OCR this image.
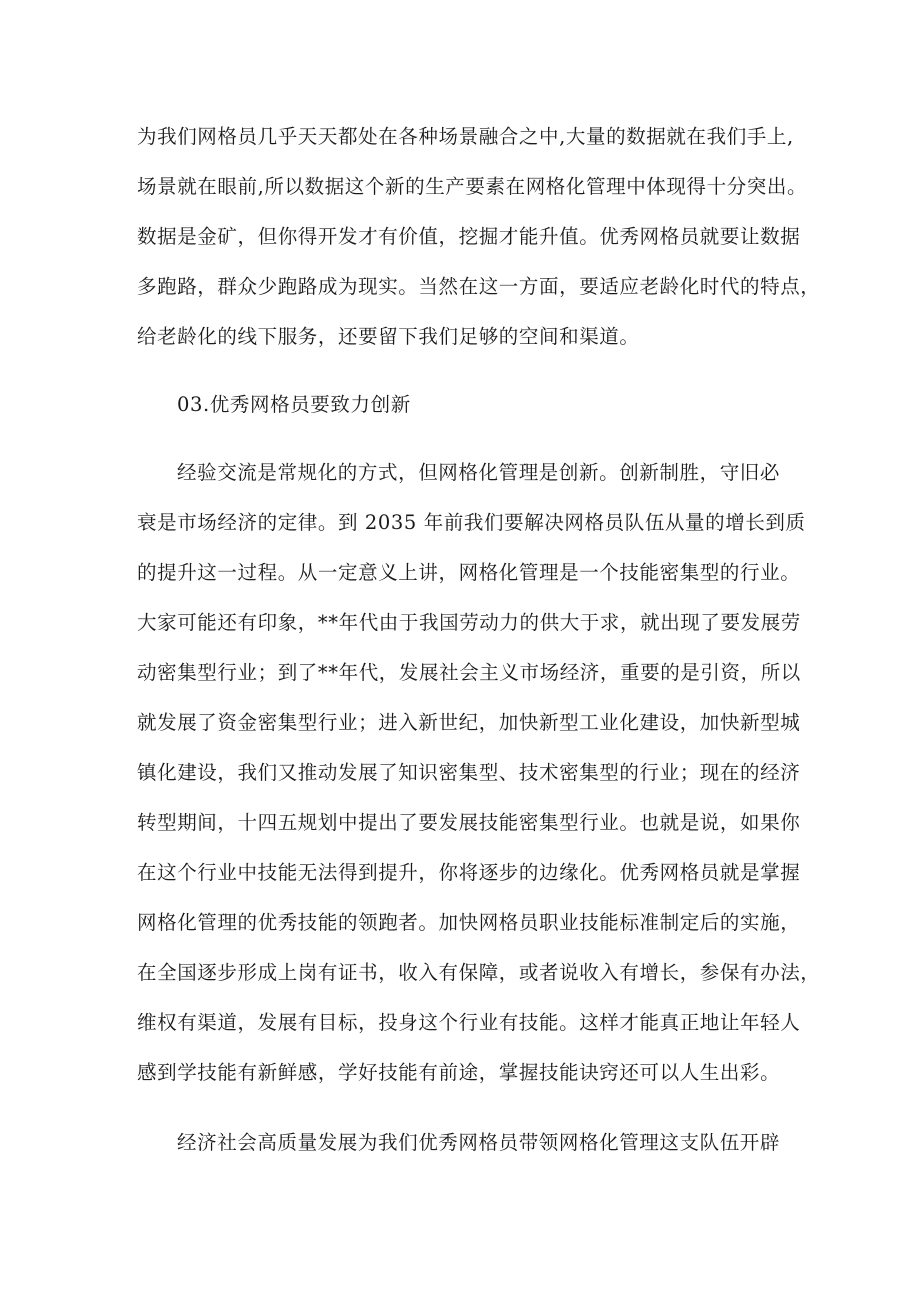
为我们网格员几乎天天都处在各种场景融合之中,大量的数据就在我们手上,
场景就在眼前,所以数据这个新的生产要素在网格化管理中体现得十分突出。
数据是金矿，但你得开发才有价值，挖掘才能升值。优秀网格员就要让数据
多跑路，群众少跑路成为现实。当然在这一方面，要适应老龄化时代的特点，
给老龄化的线下服务，还要留下我们足够的空间和渠道。
03.优秀网格员要致力创新
经验交流是常规化的方式，但网格化管理是创新。创新制胜，守旧必
衰是市场经济的定律。到 2035 年前我们要解决网格员队伍从量的增长到质
的提升这一过程。从一定意义上讲，网格化管理是一个技能密集型的行业。
大家可能还有印象，**年代由于我国劳动力的供大于求，就出现了要发展劳
动密集型行业；到了**年代，发展社会主义市场经济，重要的是引资，所以
就发展了资金密集型行业；进入新世纪，加快新型工业化建设，加快新型城
镇化建设，我们又推动发展了知识密集型、技术密集型的行业；现在的经济
转型期间，十四五规划中提出了要发展技能密集型行业。也就是说，如果你
在这个行业中技能无法得到提升，你将逐步的边缘化。优秀网格员就是掌握
网格化管理的优秀技能的领跑者。加快网格员职业技能标准制定后的实施，
在全国逐步形成上岗有证书，收入有保障，或者说收入有增长，参保有办法，
维权有渠道，发展有目标，投身这个行业有技能。这样才能真正地让年轻人
感到学技能有新鲜感，学好技能有前途，掌握技能诀窍还可以人生出彩。
经济社会高质量发展为我们优秀网格员带领网格化管理这支队伍开辟
